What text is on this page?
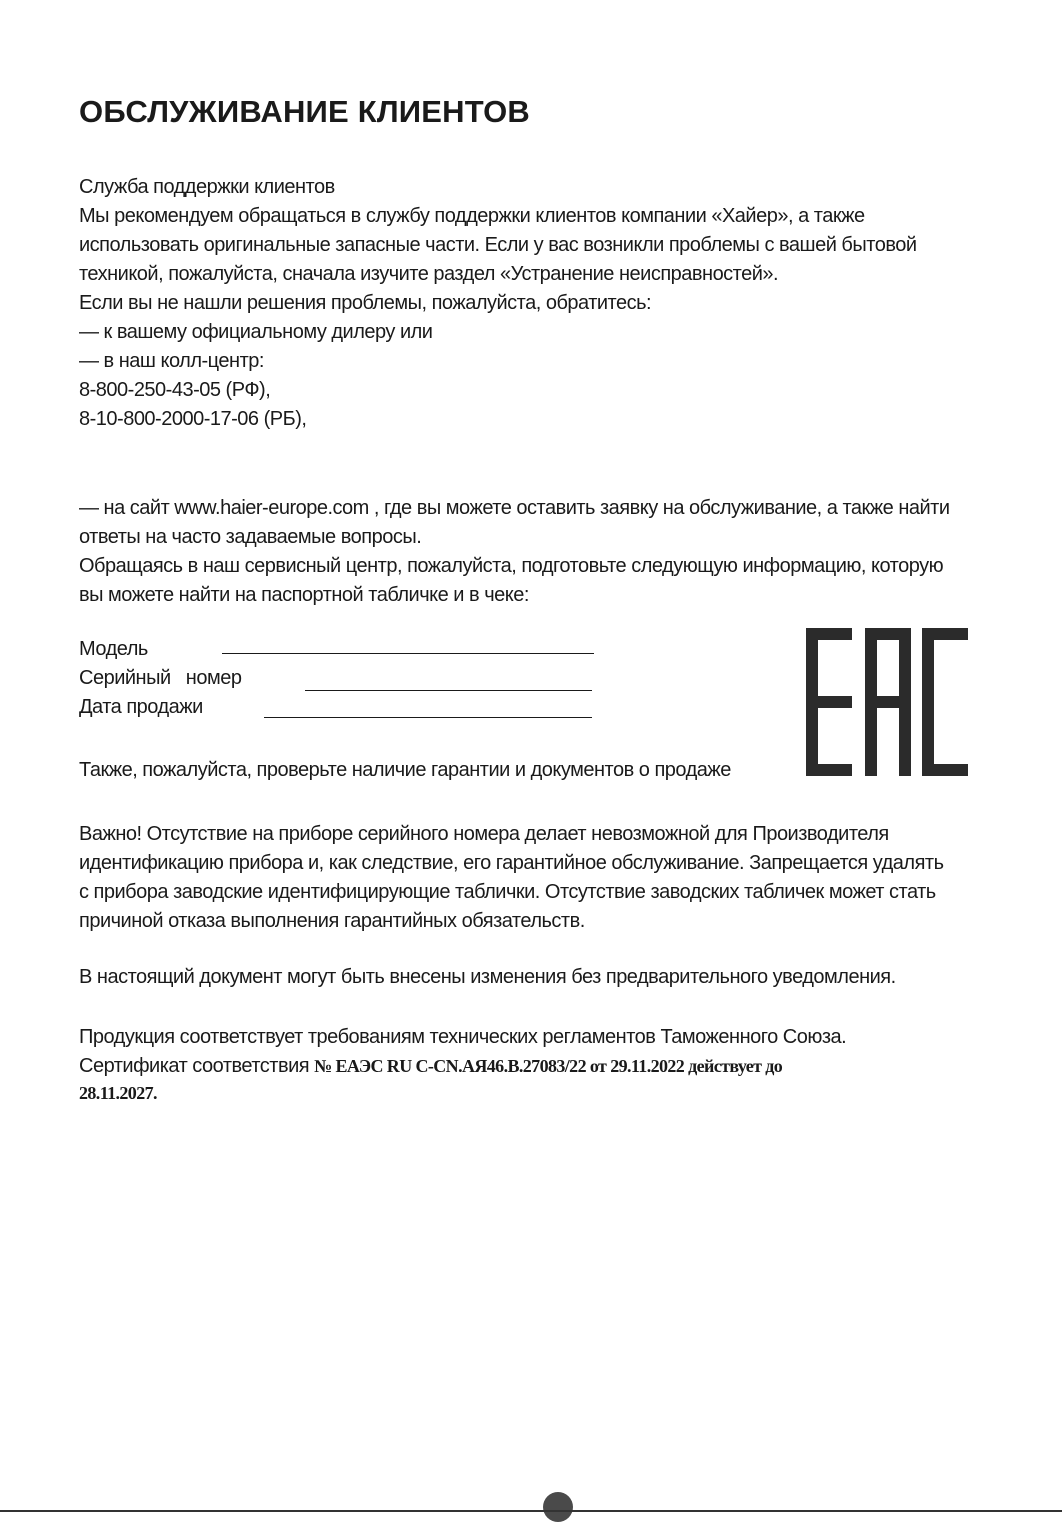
ОБСЛУЖИВАНИЕ КЛИЕНТОВ
Служба поддержки клиентов
Мы рекомендуем обращаться в службу поддержки клиентов компании «Хайер», а также
использовать оригинальные запасные части. Если у вас возникли проблемы с вашей бытовой
техникой, пожалуйста, сначала изучите раздел «Устранение неисправностей».
Если вы не нашли решения проблемы, пожалуйста, обратитесь:
— к вашему официальному дилеру или
— в наш колл-центр:
8-800-250-43-05 (РФ),
8-10-800-2000-17-06 (РБ),
— на сайт www.haier-europe.com , где вы можете оставить заявку на обслуживание, а также найти
ответы на часто задаваемые вопросы.
Обращаясь в наш сервисный центр, пожалуйста, подготовьте следующую информацию, которую
вы можете найти на паспортной табличке и в чеке:
Модель
Серийный   номер
Дата продажи
Также, пожалуйста, проверьте наличие гарантии и документов о продаже
Важно! Отсутствие на приборе серийного номера делает невозможной для Производителя
идентификацию прибора и, как следствие, его гарантийное обслуживание. Запрещается удалять
с прибора заводские идентифицирующие таблички. Отсутствие заводских табличек может стать
причиной отказа выполнения гарантийных обязательств.
В настоящий документ могут быть внесены изменения без предварительного уведомления.
Продукция соответствует требованиям технических регламентов Таможенного Союза.
Сертификат соответствия № ЕАЭС RU C-CN.АЯ46.В.27083/22 от 29.11.2022 действует до
28.11.2027.
